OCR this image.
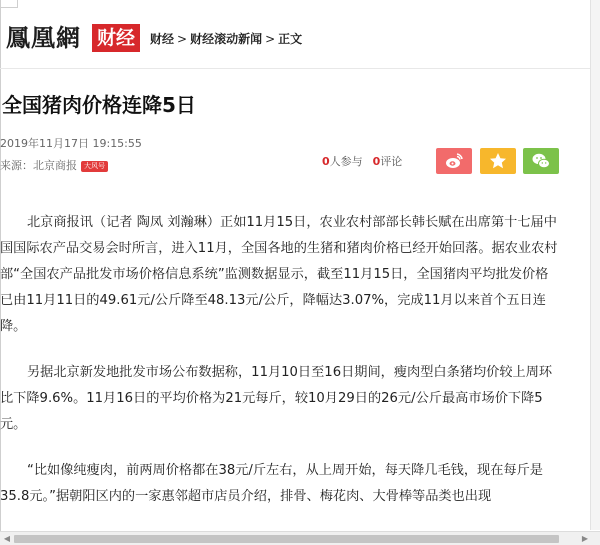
鳳凰網 财经	财经 > 财经滚动新闻 > 正文
全国猪肉价格连降5日
2019年11月17日 19:15:55
来源：北京商报 大风号	0人参与 0评论

北京商报讯（记者 陶凤 刘瀚琳）正如11月15日，农业农村部部长韩长赋在出席第十七届中国国际农产品交易会时所言，进入11月，全国各地的生猪和猪肉价格已经开始回落。据农业农村部“全国农产品批发市场价格信息系统”监测数据显示，截至11月15日，全国猪肉平均批发价格已由11月11日的49.61元/公斤降至48.13元/公斤，降幅达3.07%，完成11月以来首个五日连降。

另据北京新发地批发市场公布数据称，11月10日至16日期间，瘦肉型白条猪均价较上周环比下降9.6%。11月16日的平均价格为21元每斤，较10月29日的26元/公斤最高市场价下降5元。

“比如像纯瘦肉，前两周价格都在38元/斤左右，从上周开始，每天降几毛钱，现在每斤是35.8元。”据朝阳区内的一家惠邻超市店员介绍，排骨、梅花肉、大骨棒等品类也出现

◀	▶
